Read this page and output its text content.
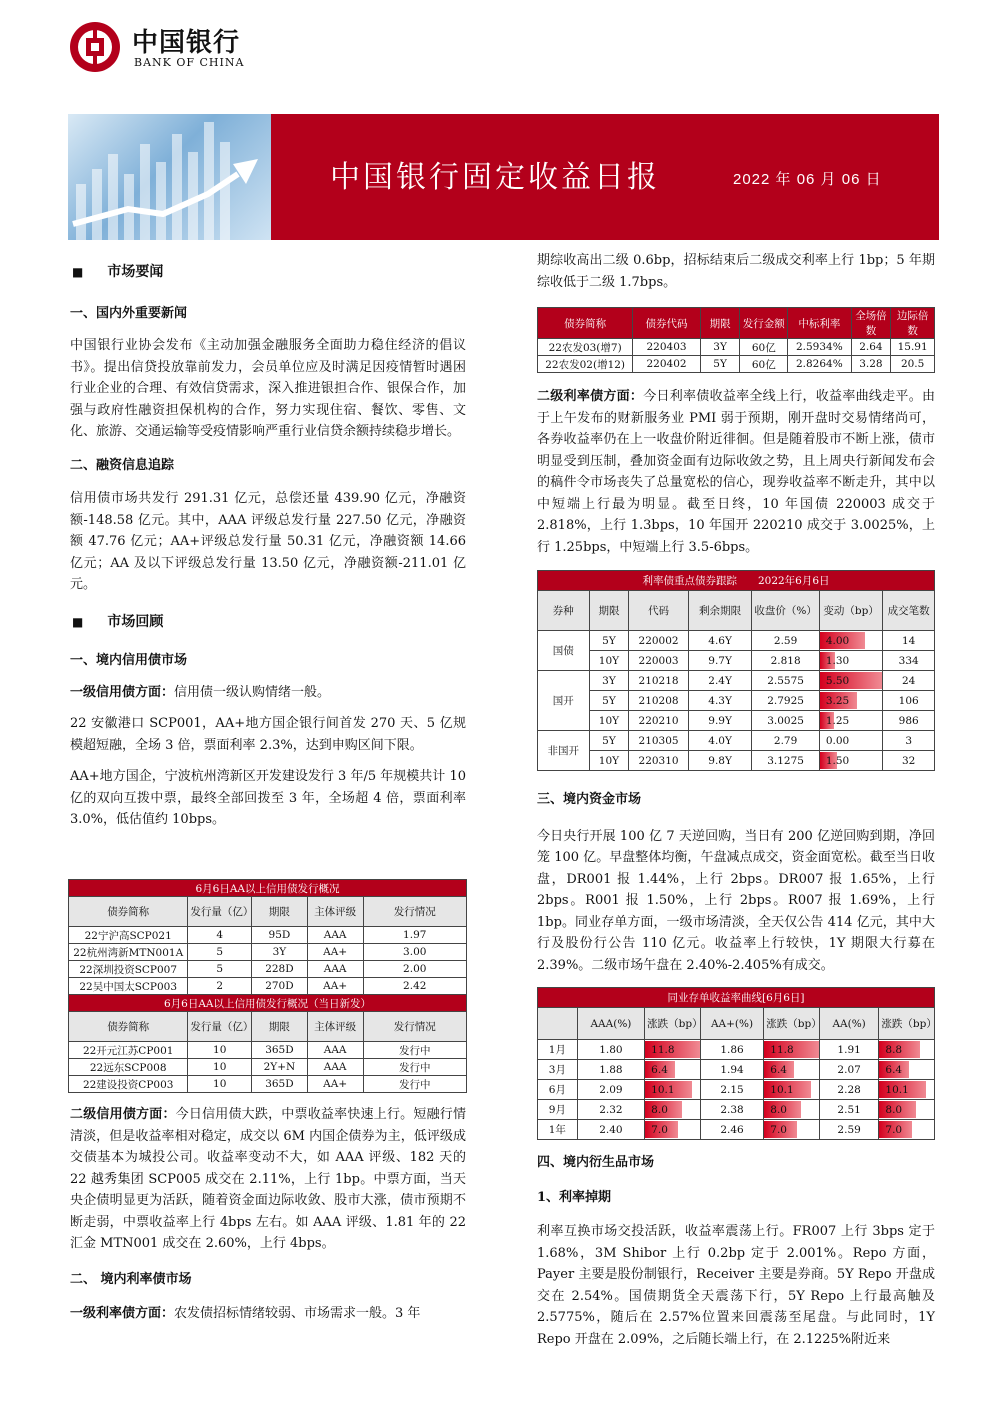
中国银行
BANK OF CHINA
中国银行固定收益日报	2022 年 06 月 06 日
■ 市场要闻
一、国内外重要新闻

中国银行业协会发布《主动加强金融服务全面助力稳住经济的倡议书》。提出信贷投放靠前发力，会员单位应及时满足因疫情暂时遇困行业企业的合理、有效信贷需求，深入推进银担合作、银保合作，加强与政府性融资担保机构的合作，努力实现住宿、餐饮、零售、文化、旅游、交通运输等受疫情影响严重行业信贷余额持续稳步增长。

二、融资信息追踪

信用债市场共发行 291.31 亿元，总偿还量 439.90 亿元，净融资额-148.58 亿元。其中，AAA 评级总发行量 227.50 亿元，净融资额 47.76 亿元；AA+评级总发行量 50.31 亿元，净融资额 14.66 亿元；AA 及以下评级总发行量 13.50 亿元，净融资额-211.01 亿元。

■ 市场回顾
一、境内信用债市场

一级信用债方面：信用债一级认购情绪一般。

22 安徽港口 SCP001，AA+地方国企银行间首发 270 天、5 亿规模超短融，全场 3 倍，票面利率 2.3%，达到申购区间下限。

AA+地方国企，宁波杭州湾新区开发建设发行 3 年/5 年规模共计 10 亿的双向互拨中票，最终全部回拨至 3 年，全场超 4 倍，票面利率 3.0%，低估值约 10bps。

6月6日AA以上信用债发行概况				
债券简称	发行量（亿）	期限	主体评级	发行情况
22宁沪高SCP021	4	95D	AAA	1.97
22杭州湾新MTN001A	5	3Y	AA+	3.00
22深圳投资SCP007	5	228D	AAA	2.00
22吴中国太SCP003	2	270D	AA+	2.42
6月6日AA以上信用债发行概况（当日新发）				
债券简称	发行量（亿）	期限	主体评级	发行情况
22开元江苏CP001	10	365D	AAA	发行中
22远东SCP008	10	2Y+N	AAA	发行中
22建设投资CP003	10	365D	AA+	发行中

二级信用债方面：今日信用债大跌，中票收益率快速上行。短融行情清淡，但是收益率相对稳定，成交以 6M 内国企债券为主，低评级成交债基本为城投公司。收益率变动不大，如 AAA 评级、182 天的 22 越秀集团 SCP005 成交在 2.11%，上行 1bp。中票方面，当天央企债明显更为活跃，随着资金面边际收敛、股市大涨，债市预期不断走弱，中票收益率上行 4bps 左右。如 AAA 评级、1.81 年的 22 汇金 MTN001 成交在 2.60%，上行 4bps。

二、 境内利率债市场

一级利率债方面：农发债招标情绪较弱、市场需求一般。3 年

期综收高出二级 0.6bp，招标结束后二级成交利率上行 1bp；5 年期综收低于二级 1.7bps。

债券简称	债券代码	期限	发行金额	中标利率	全场倍数	边际倍数
22农发03(增7)	220403	3Y	60亿	2.5934%	2.64	15.91
22农发02(增12)	220402	5Y	60亿	2.8264%	3.28	20.5

二级利率债方面：今日利率债收益率全线上行，收益率曲线走平。由于上午发布的财新服务业 PMI 弱于预期，刚开盘时交易情绪尚可，各券收益率仍在上一收盘价附近徘徊。但是随着股市不断上涨，债市明显受到压制，叠加资金面有边际收敛之势，且上周央行新闻发布会的稿件令市场丧失了总量宽松的信心，现券收益率不断走升，其中以中短端上行最为明显。截至日终，10 年国债 220003 成交于 2.818%，上行 1.3bps，10 年国开 220210 成交于 3.0025%，上行 1.25bps，中短端上行 3.5-6bps。

利率债重点债券跟踪　　2022年6月6日						
券种	期限	代码	剩余期限	收盘价（%）	变动（bp）	成交笔数
国债	5Y	220002	4.6Y	2.59	4.00	14
	10Y	220003	9.7Y	2.818	1.30	334
国开	3Y	210218	2.4Y	2.5575	5.50	24
	5Y	210208	4.3Y	2.7925	3.25	106
	10Y	220210	9.9Y	3.0025	1.25	986
非国开	5Y	210305	4.0Y	2.79	0.00	3
	10Y	220310	9.8Y	3.1275	1.50	32
三、境内资金市场

今日央行开展 100 亿 7 天逆回购，当日有 200 亿逆回购到期，净回笼 100 亿。早盘整体均衡，午盘减点成交，资金面宽松。截至当日收盘，DR001 报 1.44%，上行 2bps。DR007 报 1.65%，上行 2bps。R001 报 1.50%，上行 2bps。R007 报 1.69%，上行 1bp。同业存单方面，一级市场清淡，全天仅公告 414 亿元，其中大行及股份行公告 110 亿元。收益率上行较快，1Y 期限大行募在 2.39%。二级市场午盘在 2.40%-2.405%有成交。

同业存单收益率曲线[6月6日]						
	AAA(%)	涨跌（bp）	AA+(%)	涨跌（bp）	AA(%)	涨跌（bp）
1月	1.80	11.8	1.86	11.8	1.91	8.8
3月	1.88	6.4	1.94	6.4	2.07	6.4
6月	2.09	10.1	2.15	10.1	2.28	10.1
9月	2.32	8.0	2.38	8.0	2.51	8.0
1年	2.40	7.0	2.46	7.0	2.59	7.0
四、境内衍生品市场
1、利率掉期

利率互换市场交投活跃，收益率震荡上行。FR007 上行 3bps 定于 1.68%，3M Shibor 上行 0.2bp 定于 2.001%。Repo 方面，Payer 主要是股份制银行，Receiver 主要是券商。5Y Repo 开盘成交在 2.54%。国债期货全天震荡下行，5Y Repo 上行最高触及 2.5775%，随后在 2.57%位置来回震荡至尾盘。与此同时，1Y Repo 开盘在 2.09%，之后随长端上行，在 2.1225%附近来
